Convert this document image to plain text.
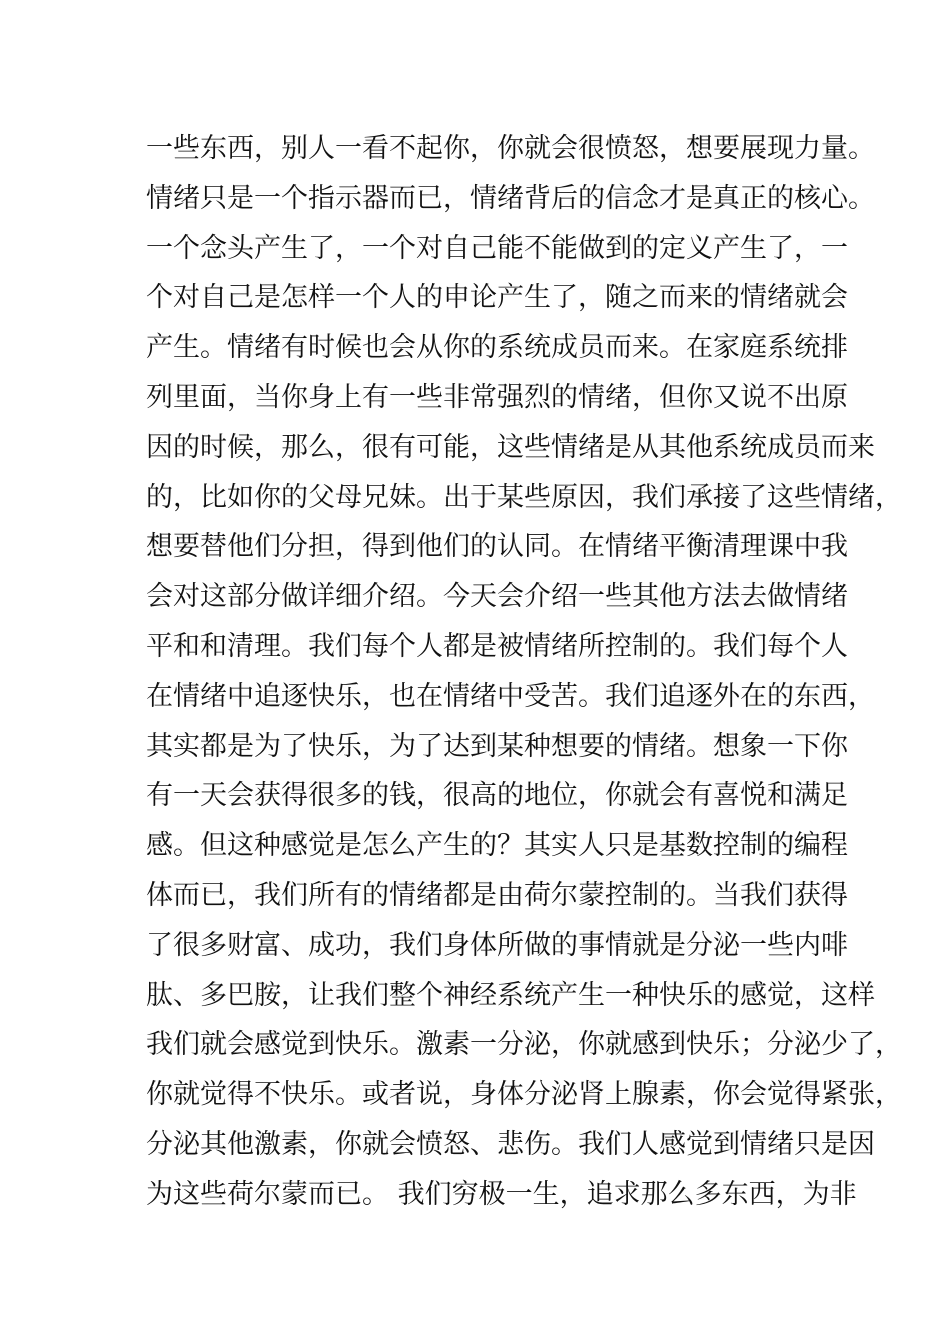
一些东西，别人一看不起你，你就会很愤怒，想要展现力量。
情绪只是一个指示器而已，情绪背后的信念才是真正的核心。
一个念头产生了，一个对自己能不能做到的定义产生了，一
个对自己是怎样一个人的申论产生了，随之而来的情绪就会
产生。情绪有时候也会从你的系统成员而来。在家庭系统排
列里面，当你身上有一些非常强烈的情绪，但你又说不出原
因的时候，那么，很有可能，这些情绪是从其他系统成员而来
的，比如你的父母兄妹。出于某些原因，我们承接了这些情绪，
想要替他们分担，得到他们的认同。在情绪平衡清理课中我
会对这部分做详细介绍。今天会介绍一些其他方法去做情绪
平和和清理。我们每个人都是被情绪所控制的。我们每个人
在情绪中追逐快乐，也在情绪中受苦。我们追逐外在的东西，
其实都是为了快乐，为了达到某种想要的情绪。想象一下你
有一天会获得很多的钱，很高的地位，你就会有喜悦和满足
感。但这种感觉是怎么产生的？其实人只是基数控制的编程
体而已，我们所有的情绪都是由荷尔蒙控制的。当我们获得
了很多财富、成功，我们身体所做的事情就是分泌一些内啡
肽、多巴胺，让我们整个神经系统产生一种快乐的感觉，这样
我们就会感觉到快乐。激素一分泌，你就感到快乐；分泌少了，
你就觉得不快乐。或者说，身体分泌肾上腺素，你会觉得紧张，
分泌其他激素，你就会愤怒、悲伤。我们人感觉到情绪只是因
为这些荷尔蒙而已。 我们穷极一生，追求那么多东西，为非
